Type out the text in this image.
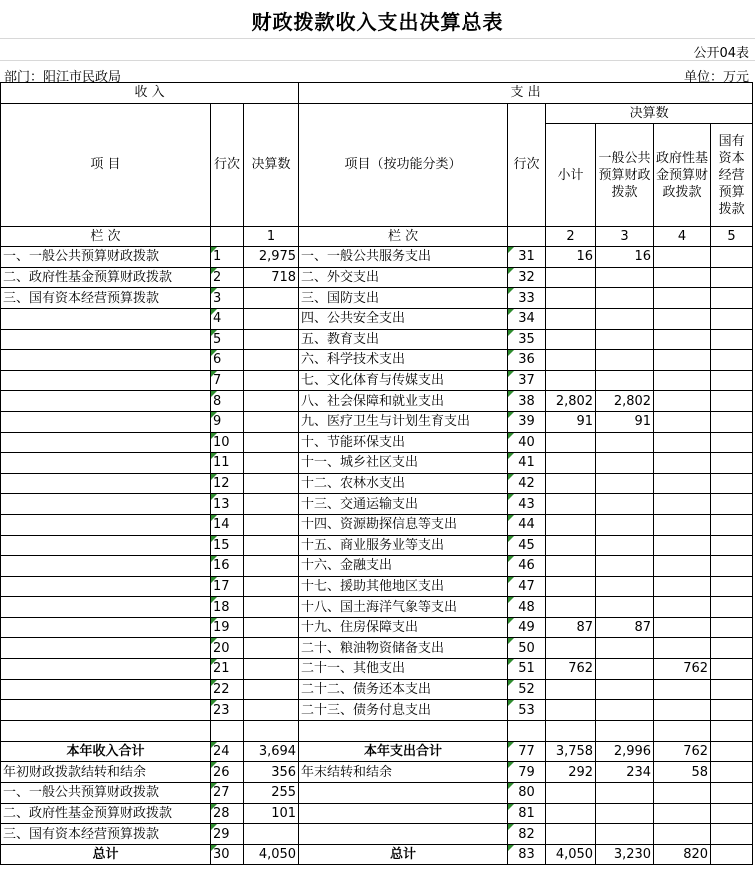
财政拨款收入支出决算总表
公开04表
部门：阳江市民政局	单位：万元
收 入			支 出					
项 目	行次	决算数	项目（按功能分类）	行次	决算数			
					小计	一般公共预算财政拨款	政府性基金预算财政拨款	国有资本经营预算拨款
栏 次		1	栏 次		2	3	4	5
一、一般公共预算财政拨款	1	2,975	一、一般公共服务支出	31	16	16		
二、政府性基金预算财政拨款	2	718	二、外交支出	32				
三、国有资本经营预算拨款	3		三、国防支出	33				
	4		四、公共安全支出	34				
	5		五、教育支出	35				
	6		六、科学技术支出	36				
	7		七、文化体育与传媒支出	37				
	8		八、社会保障和就业支出	38	2,802	2,802		
	9		九、医疗卫生与计划生育支出	39	91	91		
	10		十、节能环保支出	40				
	11		十一、城乡社区支出	41				
	12		十二、农林水支出	42				
	13		十三、交通运输支出	43				
	14		十四、资源勘探信息等支出	44				
	15		十五、商业服务业等支出	45				
	16		十六、金融支出	46				
	17		十七、援助其他地区支出	47				
	18		十八、国土海洋气象等支出	48				
	19		十九、住房保障支出	49	87	87		
	20		二十、粮油物资储备支出	50				
	21		二十一、其他支出	51	762		762	
	22		二十二、债务还本支出	52				
	23		二十三、债务付息支出	53				

本年收入合计	24	3,694	本年支出合计	77	3,758	2,996	762	
年初财政拨款结转和结余	26	356	年末结转和结余	79	292	234	58	
一、一般公共预算财政拨款	27	255		80				
二、政府性基金预算财政拨款	28	101		81				
三、国有资本经营预算拨款	29			82				
总计	30	4,050	总计	83	4,050	3,230	820	
